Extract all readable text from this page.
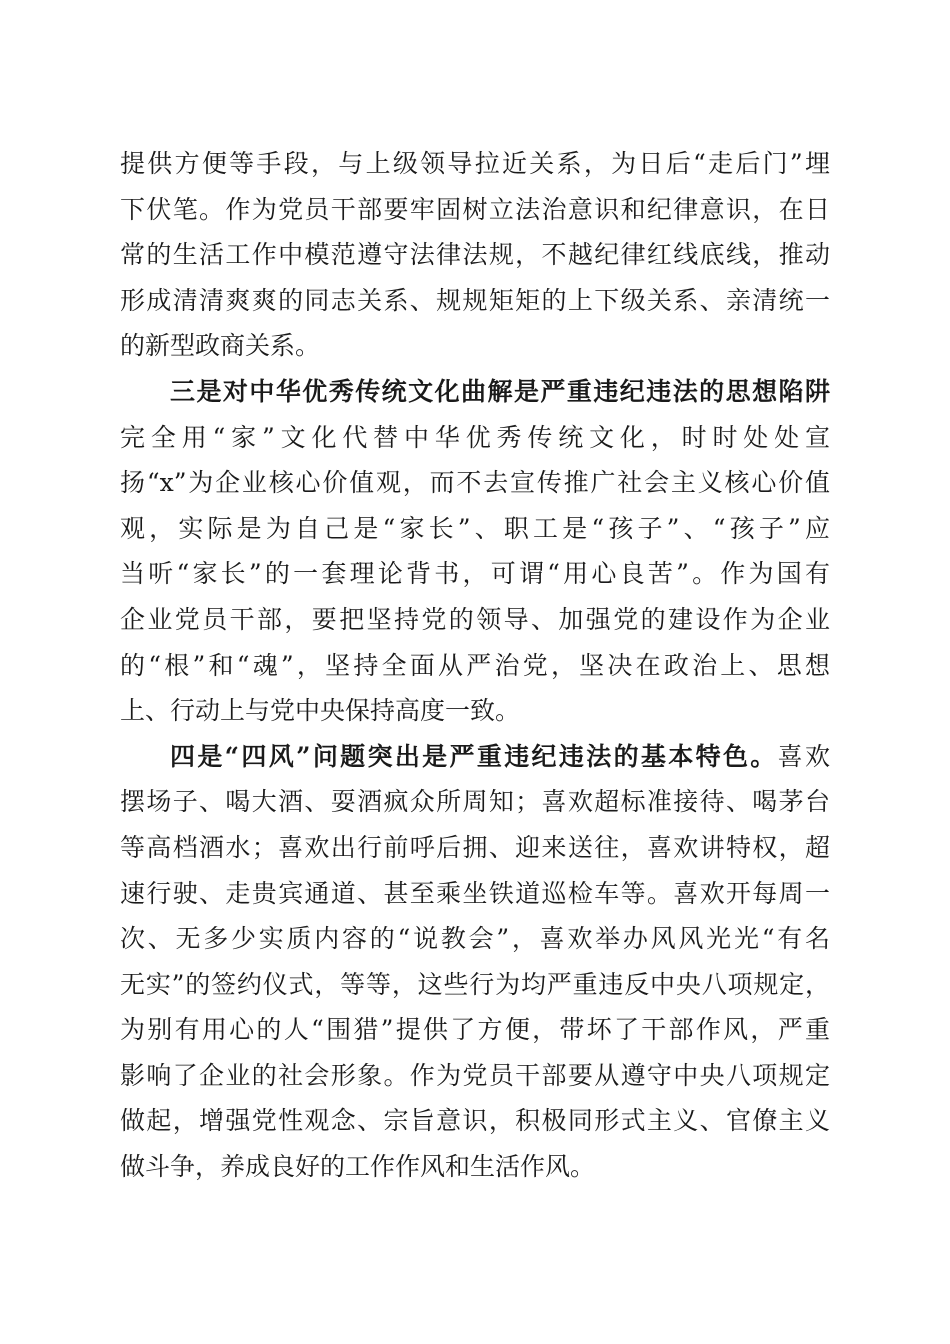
提供方便等手段，与上级领导拉近关系，为日后“走后门”埋
下伏笔。作为党员干部要牢固树立法治意识和纪律意识，在日
常的生活工作中模范遵守法律法规，不越纪律红线底线，推动
形成清清爽爽的同志关系、规规矩矩的上下级关系、亲清统一
的新型政商关系。
三是对中华优秀传统文化曲解是严重违纪违法的思想陷阱
完全用“家”文化代替中华优秀传统文化，时时处处宣
扬“x”为企业核心价值观，而不去宣传推广社会主义核心价值
观，实际是为自己是“家长”、职工是“孩子”、“孩子”应
当听“家长”的一套理论背书，可谓“用心良苦”。作为国有
企业党员干部，要把坚持党的领导、加强党的建设作为企业
的“根”和“魂”，坚持全面从严治党，坚决在政治上、思想
上、行动上与党中央保持高度一致。
四是“四风”问题突出是严重违纪违法的基本特色。喜欢
摆场子、喝大酒、耍酒疯众所周知；喜欢超标准接待、喝茅台
等高档酒水；喜欢出行前呼后拥、迎来送往，喜欢讲特权，超
速行驶、走贵宾通道、甚至乘坐铁道巡检车等。喜欢开每周一
次、无多少实质内容的“说教会”，喜欢举办风风光光“有名
无实”的签约仪式，等等，这些行为均严重违反中央八项规定，
为别有用心的人“围猎”提供了方便，带坏了干部作风，严重
影响了企业的社会形象。作为党员干部要从遵守中央八项规定
做起，增强党性观念、宗旨意识，积极同形式主义、官僚主义
做斗争，养成良好的工作作风和生活作风。
